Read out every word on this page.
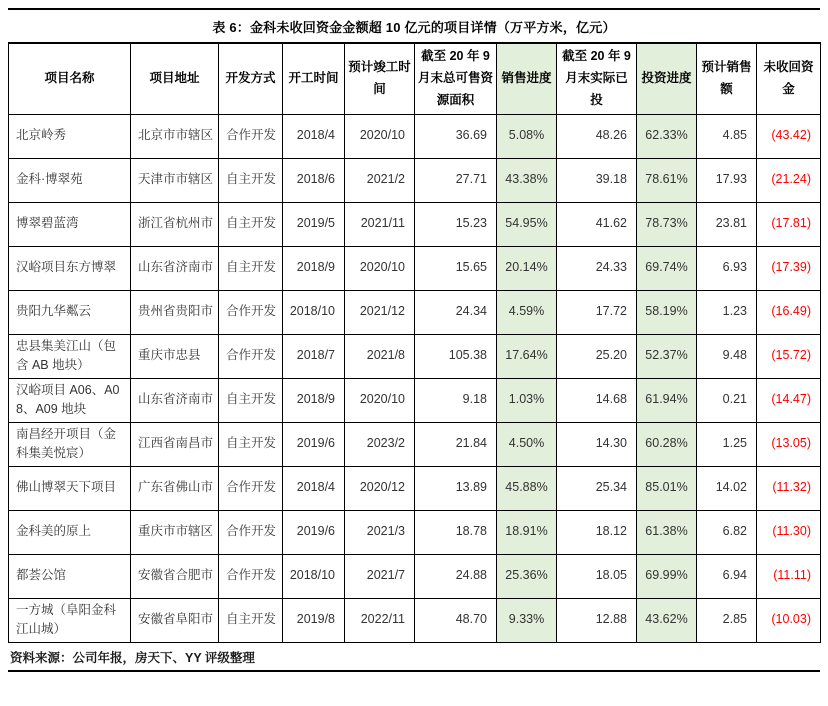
表 6：金科未收回资金金额超 10 亿元的项目详情（万平方米，亿元）
项目名称	项目地址	开发方式	开工时间	预计竣工时间	截至 20 年 9 月末总可售资源面积	销售进度	截至 20 年 9 月末实际已投	投资进度	预计销售额	未收回资金
北京岭秀	北京市市辖区	合作开发	2018/4	2020/10	36.69	5.08%	48.26	62.33%	4.85	(43.42)
金科·博翠苑	天津市市辖区	自主开发	2018/6	2021/2	27.71	43.38%	39.18	78.61%	17.93	(21.24)
博翠碧蓝湾	浙江省杭州市	自主开发	2019/5	2021/11	15.23	54.95%	41.62	78.73%	23.81	(17.81)
汉峪项目东方博翠	山东省济南市	自主开发	2018/9	2020/10	15.65	20.14%	24.33	69.74%	6.93	(17.39)
贵阳九华粼云	贵州省贵阳市	合作开发	2018/10	2021/12	24.34	4.59%	17.72	58.19%	1.23	(16.49)
忠县集美江山（包含 AB 地块）	重庆市忠县	合作开发	2018/7	2021/8	105.38	17.64%	25.20	52.37%	9.48	(15.72)
汉峪项目 A06、A08、A09 地块	山东省济南市	自主开发	2018/9	2020/10	9.18	1.03%	14.68	61.94%	0.21	(14.47)
南昌经开项目（金科集美悦宸）	江西省南昌市	自主开发	2019/6	2023/2	21.84	4.50%	14.30	60.28%	1.25	(13.05)
佛山博翠天下项目	广东省佛山市	合作开发	2018/4	2020/12	13.89	45.88%	25.34	85.01%	14.02	(11.32)
金科美的原上	重庆市市辖区	合作开发	2019/6	2021/3	18.78	18.91%	18.12	61.38%	6.82	(11.30)
都荟公馆	安徽省合肥市	合作开发	2018/10	2021/7	24.88	25.36%	18.05	69.99%	6.94	(11.11)
一方城（阜阳金科江山城）	安徽省阜阳市	自主开发	2019/8	2022/11	48.70	9.33%	12.88	43.62%	2.85	(10.03)
资料来源：公司年报，房天下、YY 评级整理
